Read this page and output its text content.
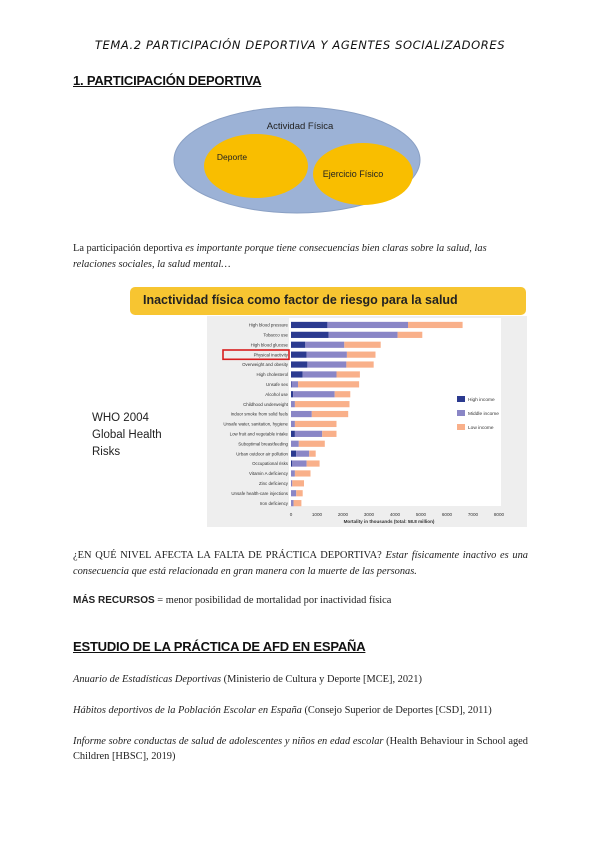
TEMA.2 PARTICIPACIÓN DEPORTIVA Y AGENTES SOCIALIZADORES
1. PARTICIPACIÓN DEPORTIVA
Actividad Física
Deporte
Ejercicio Físico
La participación deportiva es importante porque tiene consecuencias bien claras sobre la salud, las relaciones sociales, la salud mental…
Inactividad física como factor de riesgo para la salud
WHO 2004
Global Health
Risks
High blood pressure
Tobacco use
High blood glucose
Physical inactivity
Overweight and obesity
High cholesterol
Unsafe sex
Alcohol use
Childhood underweight
Indoor smoke from solid fuels
Unsafe water, sanitation, hygiene
Low fruit and vegetable intake
Suboptimal breastfeeding
Urban outdoor air pollution
Occupational risks
Vitamin A deficiency
Zinc deficiency
Unsafe health-care injections
Iron deficiency
0	1000	2000	3000	4000	5000	6000	7000	8000
High income
Middle income
Low income
Mortality in thousands (total: 58.8 million)
¿EN QUÉ NIVEL AFECTA LA FALTA DE PRÁCTICA DEPORTIVA? Estar físicamente inactivo es una consecuencia que está relacionada en gran manera con la muerte de las personas.
MÁS RECURSOS = menor posibilidad de mortalidad por inactividad física
ESTUDIO DE LA PRÁCTICA DE AFD EN ESPAÑA
Anuario de Estadísticas Deportivas (Ministerio de Cultura y Deporte [MCE], 2021)
Hábitos deportivos de la Población Escolar en España (Consejo Superior de Deportes [CSD], 2011)
Informe sobre conductas de salud de adolescentes y niños en edad escolar (Health Behaviour in School aged Children [HBSC], 2019)
